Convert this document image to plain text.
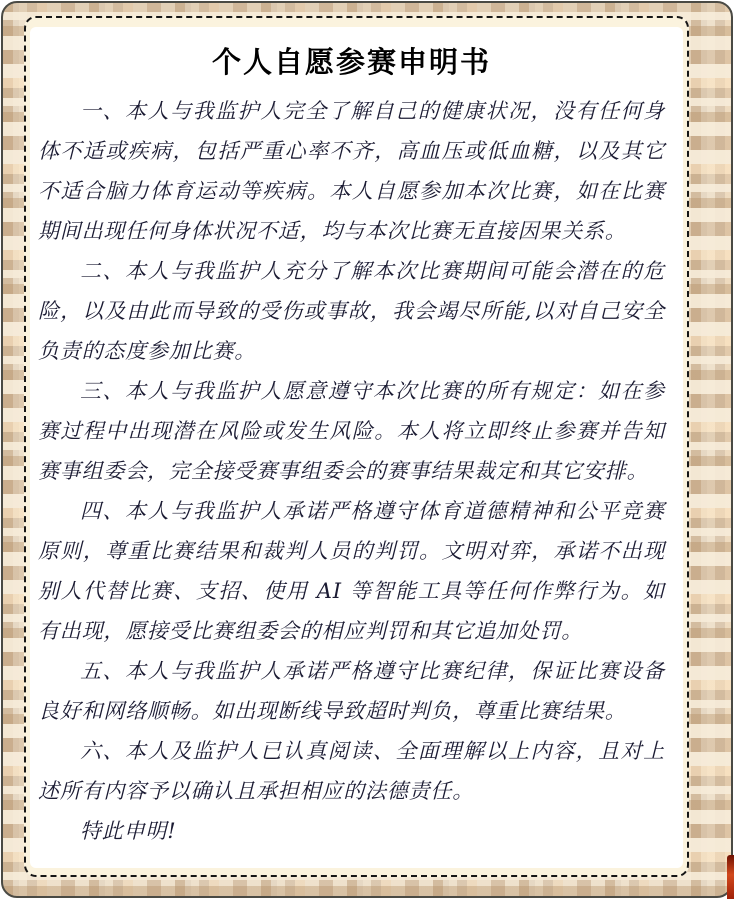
个人自愿参赛申明书

一、本人与我监护人完全了解自己的健康状况，没有任何身体不适或疾病，包括严重心率不齐，高血压或低血糖，以及其它不适合脑力体育运动等疾病。本人自愿参加本次比赛，如在比赛期间出现任何身体状况不适，均与本次比赛无直接因果关系。

二、本人与我监护人充分了解本次比赛期间可能会潜在的危险，以及由此而导致的受伤或事故，我会竭尽所能,以对自己安全负责的态度参加比赛。

三、本人与我监护人愿意遵守本次比赛的所有规定：如在参赛过程中出现潜在风险或发生风险。本人将立即终止参赛并告知赛事组委会，完全接受赛事组委会的赛事结果裁定和其它安排。

四、本人与我监护人承诺严格遵守体育道德精神和公平竞赛原则，尊重比赛结果和裁判人员的判罚。文明对弈，承诺不出现别人代替比赛、支招、使用 AI 等智能工具等任何作弊行为。如有出现，愿接受比赛组委会的相应判罚和其它追加处罚。

五、本人与我监护人承诺严格遵守比赛纪律，保证比赛设备良好和网络顺畅。如出现断线导致超时判负，尊重比赛结果。

六、本人及监护人已认真阅读、全面理解以上内容，且对上述所有内容予以确认且承担相应的法德责任。

特此申明!
